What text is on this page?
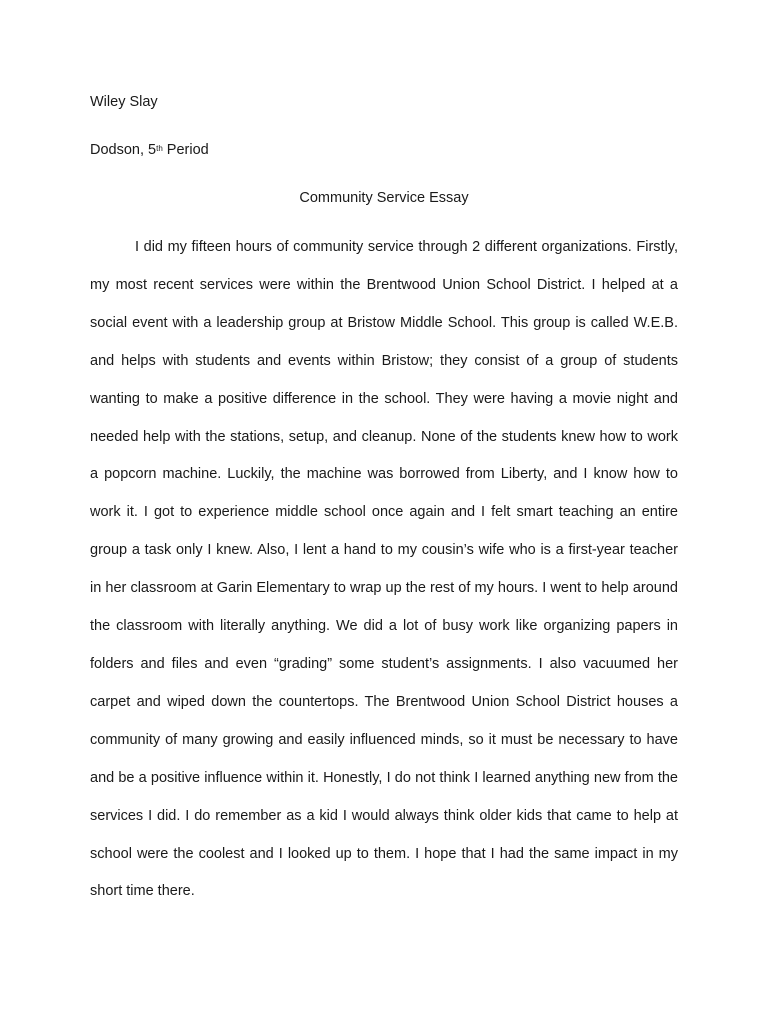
Wiley Slay
Dodson, 5th Period
Community Service Essay

I did my fifteen hours of community service through 2 different organizations. Firstly, my most recent services were within the Brentwood Union School District. I helped at a social event with a leadership group at Bristow Middle School. This group is called W.E.B. and helps with students and events within Bristow; they consist of a group of students wanting to make a positive difference in the school. They were having a movie night and needed help with the stations, setup, and cleanup. None of the students knew how to work a popcorn machine. Luckily, the machine was borrowed from Liberty, and I know how to work it. I got to experience middle school once again and I felt smart teaching an entire group a task only I knew. Also, I lent a hand to my cousin’s wife who is a first-year teacher in her classroom at Garin Elementary to wrap up the rest of my hours. I went to help around the classroom with literally anything. We did a lot of busy work like organizing papers in folders and files and even “grading” some student’s assignments. I also vacuumed her carpet and wiped down the countertops. The Brentwood Union School District houses a community of many growing and easily influenced minds, so it must be necessary to have and be a positive influence within it. Honestly, I do not think I learned anything new from the services I did. I do remember as a kid I would always think older kids that came to help at school were the coolest and I looked up to them. I hope that I had the same impact in my short time there.
